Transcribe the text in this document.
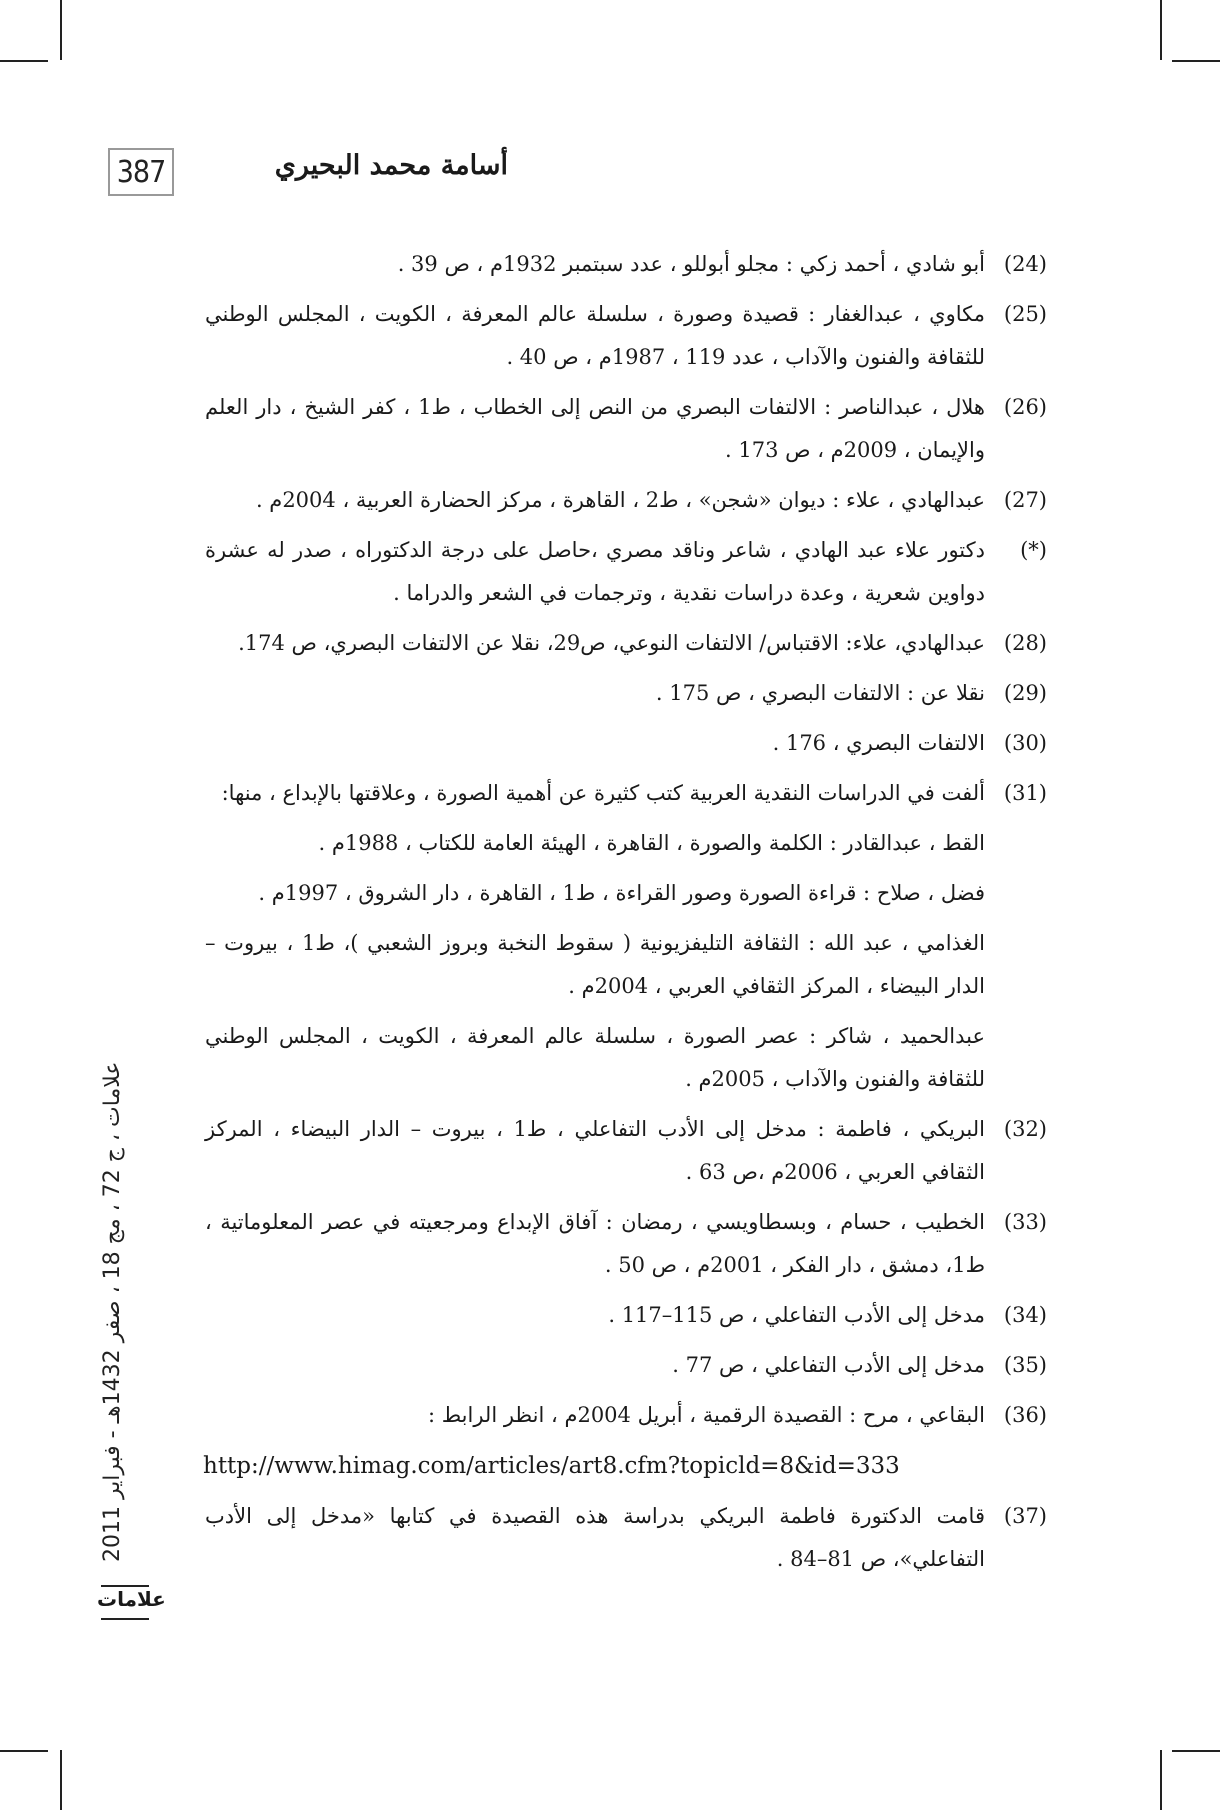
387	أسامة محمد البحيري
(24)
أبو شادي ، أحمد زكي : مجلو أبوللو ، عدد سبتمبر 1932م ، ص 39 .
(25)
مكاوي ، عبدالغفار : قصيدة وصورة ، سلسلة عالم المعرفة ، الكويت ، المجلس الوطني للثقافة والفنون والآداب ، عدد 119 ، 1987م ، ص 40 .
(26)
هلال ، عبدالناصر : الالتفات البصري من النص إلى الخطاب ، ط1 ، كفر الشيخ ، دار العلم والإيمان ، 2009م ، ص 173 .
(27)
عبدالهادي ، علاء : ديوان «شجن» ، ط2 ، القاهرة ، مركز الحضارة العربية ، 2004م .
(*)
دكتور علاء عبد الهادي ، شاعر وناقد مصري ،حاصل على درجة الدكتوراه ، صدر له عشرة دواوين شعرية ، وعدة دراسات نقدية ، وترجمات في الشعر والدراما .
(28)
عبدالهادي، علاء: الاقتباس/ الالتفات النوعي، ص29، نقلا عن الالتفات البصري، ص 174.
(29)
نقلا عن : الالتفات البصري ، ص 175 .
(30)
الالتفات البصري ، 176 .
(31)
ألفت في الدراسات النقدية العربية كتب كثيرة عن أهمية الصورة ، وعلاقتها بالإبداع ، منها:
القط ، عبدالقادر : الكلمة والصورة ، القاهرة ، الهيئة العامة للكتاب ، 1988م .
فضل ، صلاح : قراءة الصورة وصور القراءة ، ط1 ، القاهرة ، دار الشروق ، 1997م .
الغذامي ، عبد الله : الثقافة التليفزيونية ( سقوط النخبة وبروز الشعبي )، ط1 ، بيروت – الدار البيضاء ، المركز الثقافي العربي ، 2004م .
عبدالحميد ، شاكر : عصر الصورة ، سلسلة عالم المعرفة ، الكويت ، المجلس الوطني للثقافة والفنون والآداب ، 2005م .
(32)
البريكي ، فاطمة : مدخل إلى الأدب التفاعلي ، ط1 ، بيروت – الدار البيضاء ، المركز الثقافي العربي ، 2006م ،ص 63 .
(33)
الخطيب ، حسام ، وبسطاويسي ، رمضان : آفاق الإبداع ومرجعيته في عصر المعلوماتية ، ط1، دمشق ، دار الفكر ، 2001م ، ص 50 .
(34)
مدخل إلى الأدب التفاعلي ، ص 115–117 .
(35)
مدخل إلى الأدب التفاعلي ، ص 77 .
(36)
البقاعي ، مرح : القصيدة الرقمية ، أبريل 2004م ، انظر الرابط :
http://www.himag.com/articles/art8.cfm?topicld=8&id=333
(37)
قامت الدكتورة فاطمة البريكي بدراسة هذه القصيدة في كتابها «مدخل إلى الأدب التفاعلي»، ص 81–84 .
علامات ، ج 72 ، مج 18 ، صفر 1432هـ - فبراير 2011
علامات
